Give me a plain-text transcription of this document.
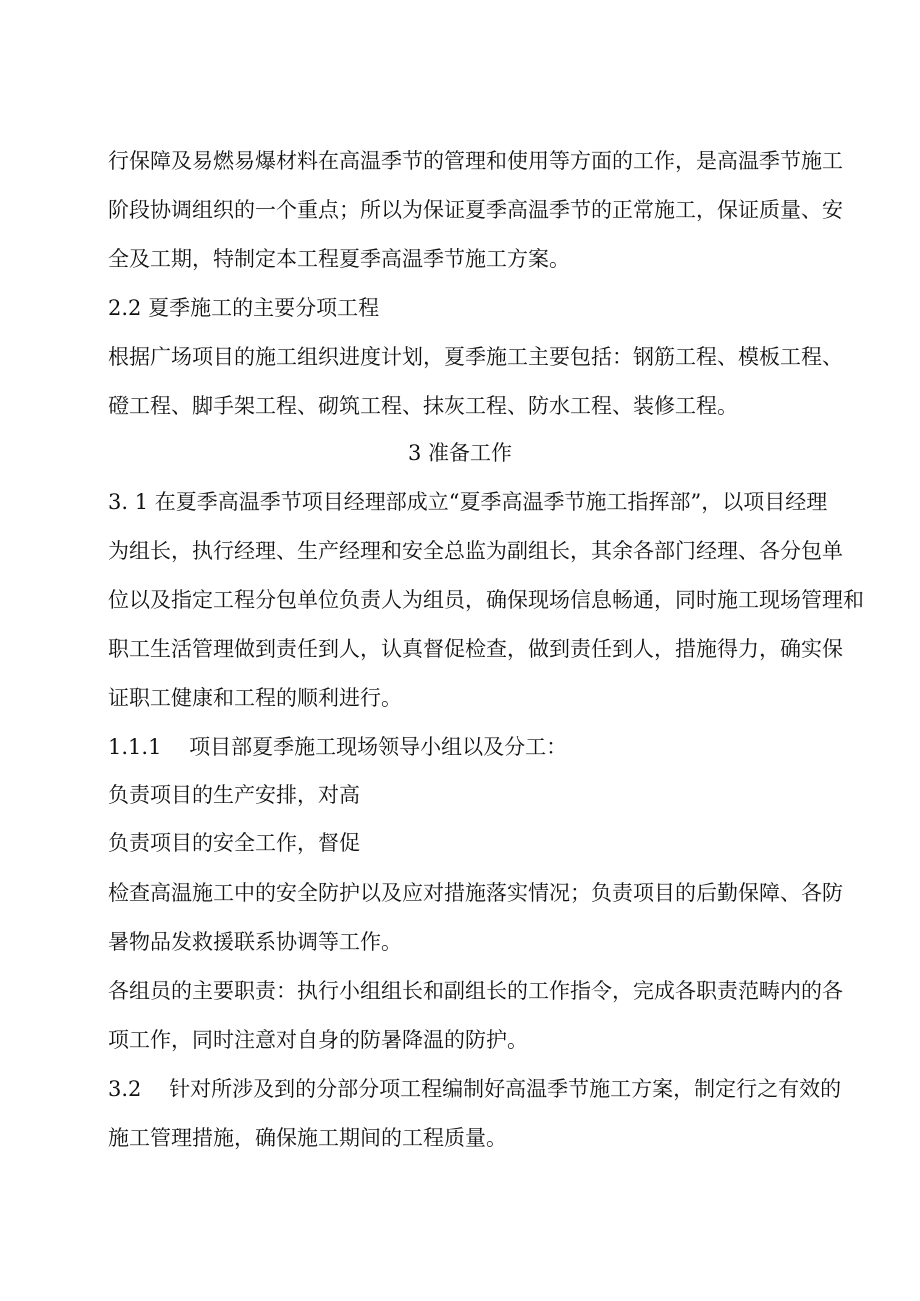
行保障及易燃易爆材料在高温季节的管理和使用等方面的工作，是高温季节施工
阶段协调组织的一个重点；所以为保证夏季高温季节的正常施工，保证质量、安
全及工期，特制定本工程夏季高温季节施工方案。
2.2 夏季施工的主要分项工程
根据广场项目的施工组织进度计划，夏季施工主要包括：钢筋工程、模板工程、
磴工程、脚手架工程、砌筑工程、抹灰工程、防水工程、装修工程。
3 准备工作
3. 1 在夏季高温季节项目经理部成立“夏季高温季节施工指挥部”，以项目经理
为组长，执行经理、生产经理和安全总监为副组长，其余各部门经理、各分包单
位以及指定工程分包单位负责人为组员，确保现场信息畅通，同时施工现场管理和
职工生活管理做到责任到人，认真督促检查，做到责任到人，措施得力，确实保
证职工健康和工程的顺利进行。
1.1.1　 项目部夏季施工现场领导小组以及分工：
负责项目的生产安排，对高
负责项目的安全工作，督促
检查高温施工中的安全防护以及应对措施落实情况；负责项目的后勤保障、各防
暑物品发救援联系协调等工作。
各组员的主要职责：执行小组组长和副组长的工作指令，完成各职责范畴内的各
项工作，同时注意对自身的防暑降温的防护。
3.2　 针对所涉及到的分部分项工程编制好高温季节施工方案，制定行之有效的
施工管理措施，确保施工期间的工程质量。
